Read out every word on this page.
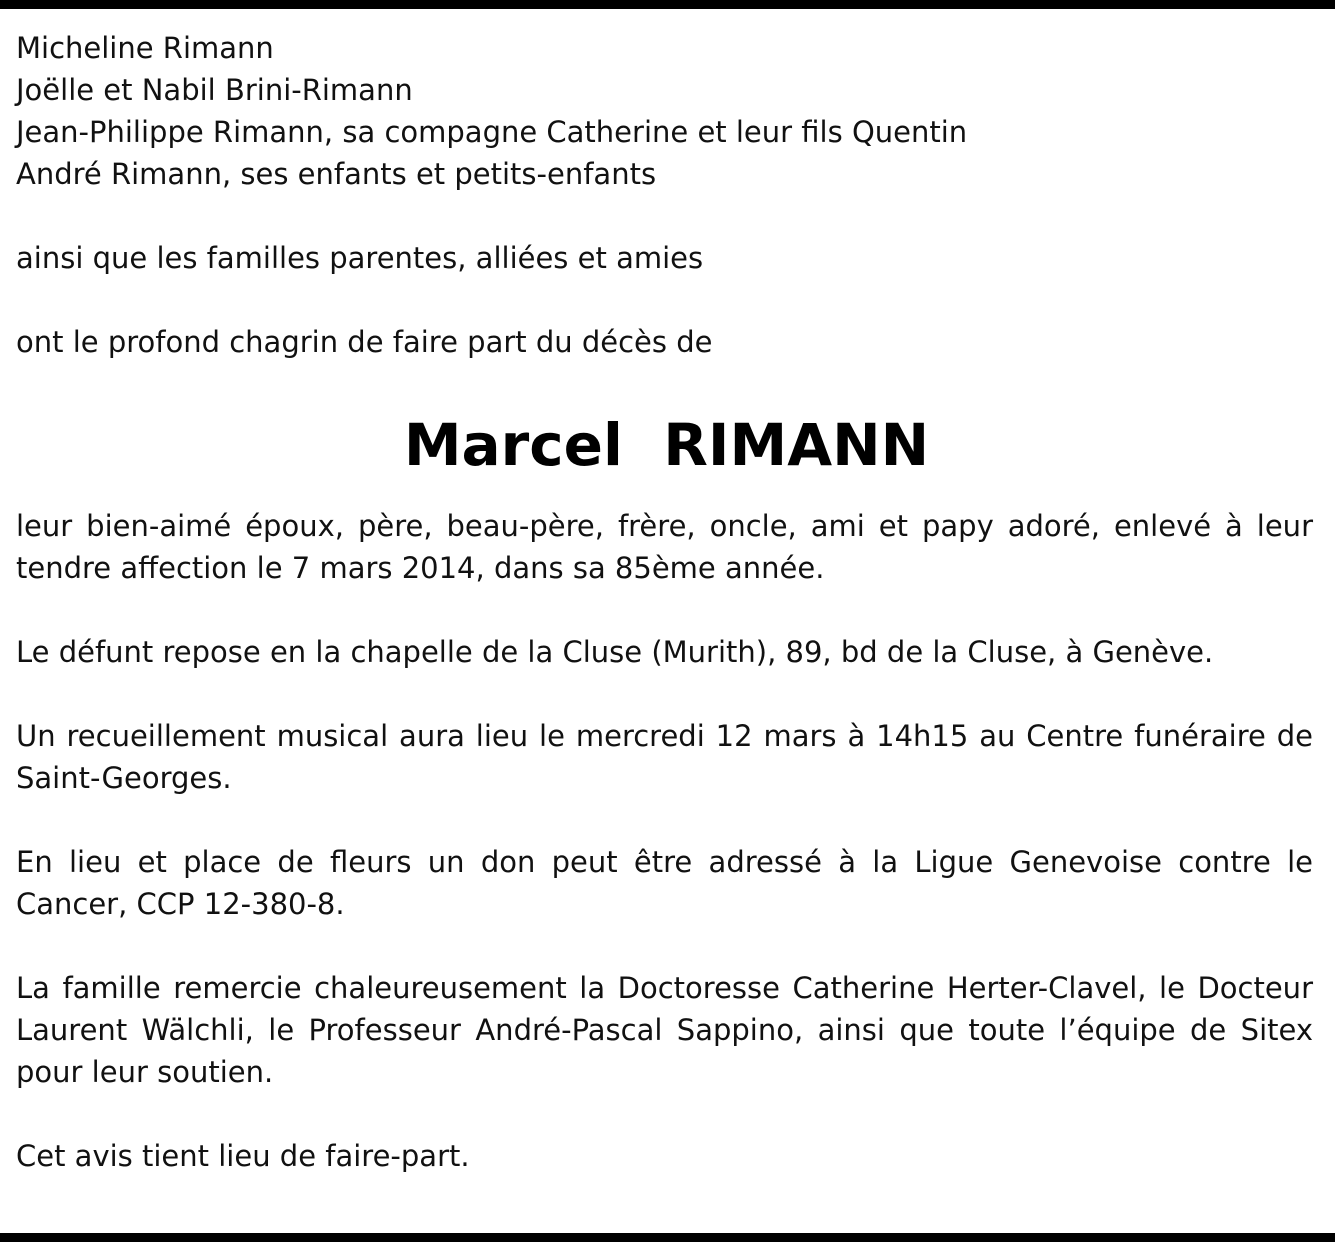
Micheline Rimann
Joëlle et Nabil Brini-Rimann
Jean-Philippe Rimann, sa compagne Catherine et leur fils Quentin
André Rimann, ses enfants et petits-enfants
ainsi que les familles parentes, alliées et amies
ont le profond chagrin de faire part du décès de
Marcel  RIMANN
leur bien-aimé époux, père, beau-père, frère, oncle, ami et papy adoré, enlevé à leur tendre affection le 7 mars 2014, dans sa 85ème année.
Le défunt repose en la chapelle de la Cluse (Murith), 89, bd de la Cluse, à Genève.
Un recueillement musical aura lieu le mercredi 12 mars à 14h15 au Centre funéraire de Saint-Georges.
En lieu et place de fleurs un don peut être adressé à la Ligue Genevoise contre le Cancer, CCP 12-380-8.
La famille remercie chaleureusement la Doctoresse Catherine Herter-Clavel, le Docteur Laurent Wälchli, le Professeur André-Pascal Sappino, ainsi que toute l’équipe de Sitex pour leur soutien.
Cet avis tient lieu de faire-part.
